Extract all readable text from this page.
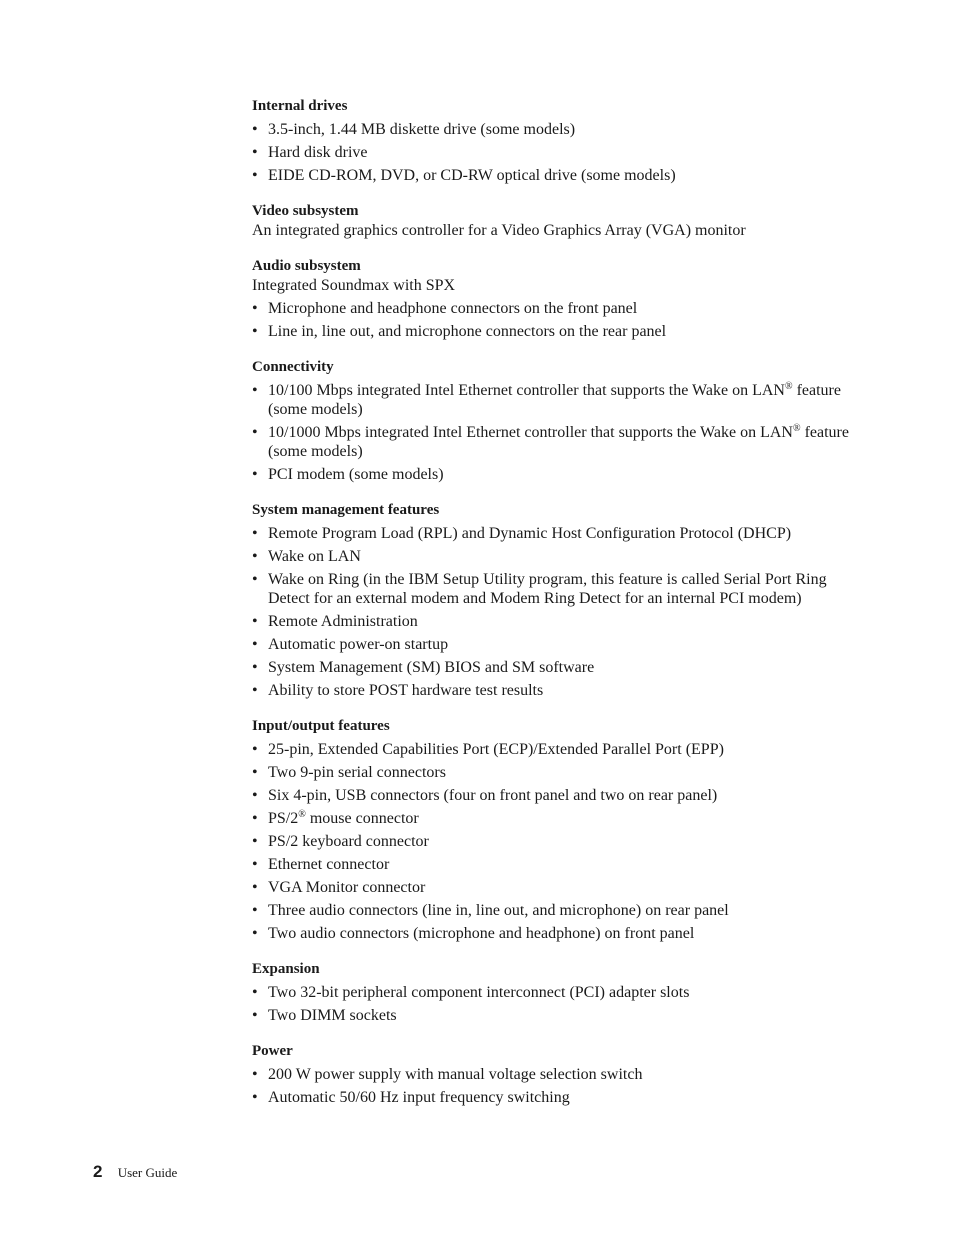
Internal drives
• 3.5-inch, 1.44 MB diskette drive (some models)
• Hard disk drive
• EIDE CD-ROM, DVD, or CD-RW optical drive (some models)
Video subsystem
An integrated graphics controller for a Video Graphics Array (VGA) monitor
Audio subsystem
Integrated Soundmax with SPX
• Microphone and headphone connectors on the front panel
• Line in, line out, and microphone connectors on the rear panel
Connectivity
• 10/100 Mbps integrated Intel Ethernet controller that supports the Wake on LAN® feature (some models)
• 10/1000 Mbps integrated Intel Ethernet controller that supports the Wake on LAN® feature (some models)
• PCI modem (some models)
System management features
• Remote Program Load (RPL) and Dynamic Host Configuration Protocol (DHCP)
• Wake on LAN
• Wake on Ring (in the IBM Setup Utility program, this feature is called Serial Port Ring Detect for an external modem and Modem Ring Detect for an internal PCI modem)
• Remote Administration
• Automatic power-on startup
• System Management (SM) BIOS and SM software
• Ability to store POST hardware test results
Input/output features
• 25-pin, Extended Capabilities Port (ECP)/Extended Parallel Port (EPP)
• Two 9-pin serial connectors
• Six 4-pin, USB connectors (four on front panel and two on rear panel)
• PS/2® mouse connector
• PS/2 keyboard connector
• Ethernet connector
• VGA Monitor connector
• Three audio connectors (line in, line out, and microphone) on rear panel
• Two audio connectors (microphone and headphone) on front panel
Expansion
• Two 32-bit peripheral component interconnect (PCI) adapter slots
• Two DIMM sockets
Power
• 200 W power supply with manual voltage selection switch
• Automatic 50/60 Hz input frequency switching
2 User Guide
